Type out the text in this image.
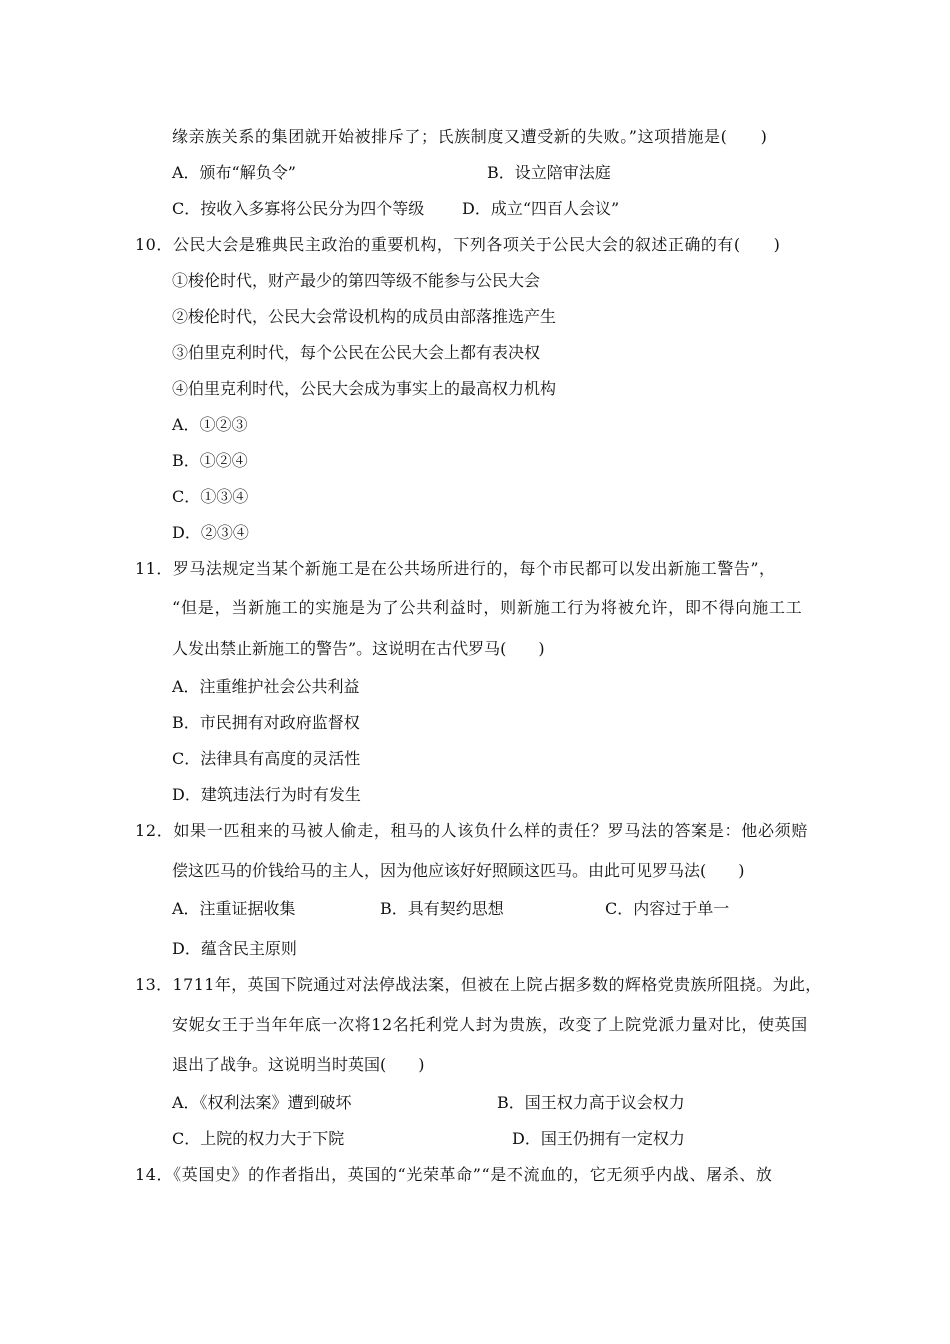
缘亲族关系的集团就开始被排斥了；氏族制度又遭受新的失败。”这项措施是(　　)
A．颁布“解负令”	B．设立陪审法庭
C．按收入多寡将公民分为四个等级 D．成立“四百人会议”
10．公民大会是雅典民主政治的重要机构，下列各项关于公民大会的叙述正确的有(　　)
①梭伦时代，财产最少的第四等级不能参与公民大会
②梭伦时代，公民大会常设机构的成员由部落推选产生
③伯里克利时代，每个公民在公民大会上都有表决权
④伯里克利时代，公民大会成为事实上的最高权力机构
A．①②③
B．①②④
C．①③④
D．②③④
11．罗马法规定当某个新施工是在公共场所进行的，每个市民都可以发出新施工警告”，
“但是，当新施工的实施是为了公共利益时，则新施工行为将被允许，即不得向施工工
人发出禁止新施工的警告”。这说明在古代罗马(　　)
A．注重维护社会公共利益
B．市民拥有对政府监督权
C．法律具有高度的灵活性
D．建筑违法行为时有发生
12．如果一匹租来的马被人偷走，租马的人该负什么样的责任？罗马法的答案是：他必须赔
偿这匹马的价钱给马的主人，因为他应该好好照顾这匹马。由此可见罗马法(　　)
A．注重证据收集	B．具有契约思想	C．内容过于单一
D．蕴含民主原则
13．1711年，英国下院通过对法停战法案，但被在上院占据多数的辉格党贵族所阻挠。为此，
安妮女王于当年年底一次将12名托利党人封为贵族，改变了上院党派力量对比，使英国
退出了战争。这说明当时英国(　　)
A．《权利法案》遭到破坏	B．国王权力高于议会权力
C．上院的权力大于下院	D．国王仍拥有一定权力
14．《英国史》的作者指出，英国的“光荣革命”“是不流血的，它无须乎内战、屠杀、放
